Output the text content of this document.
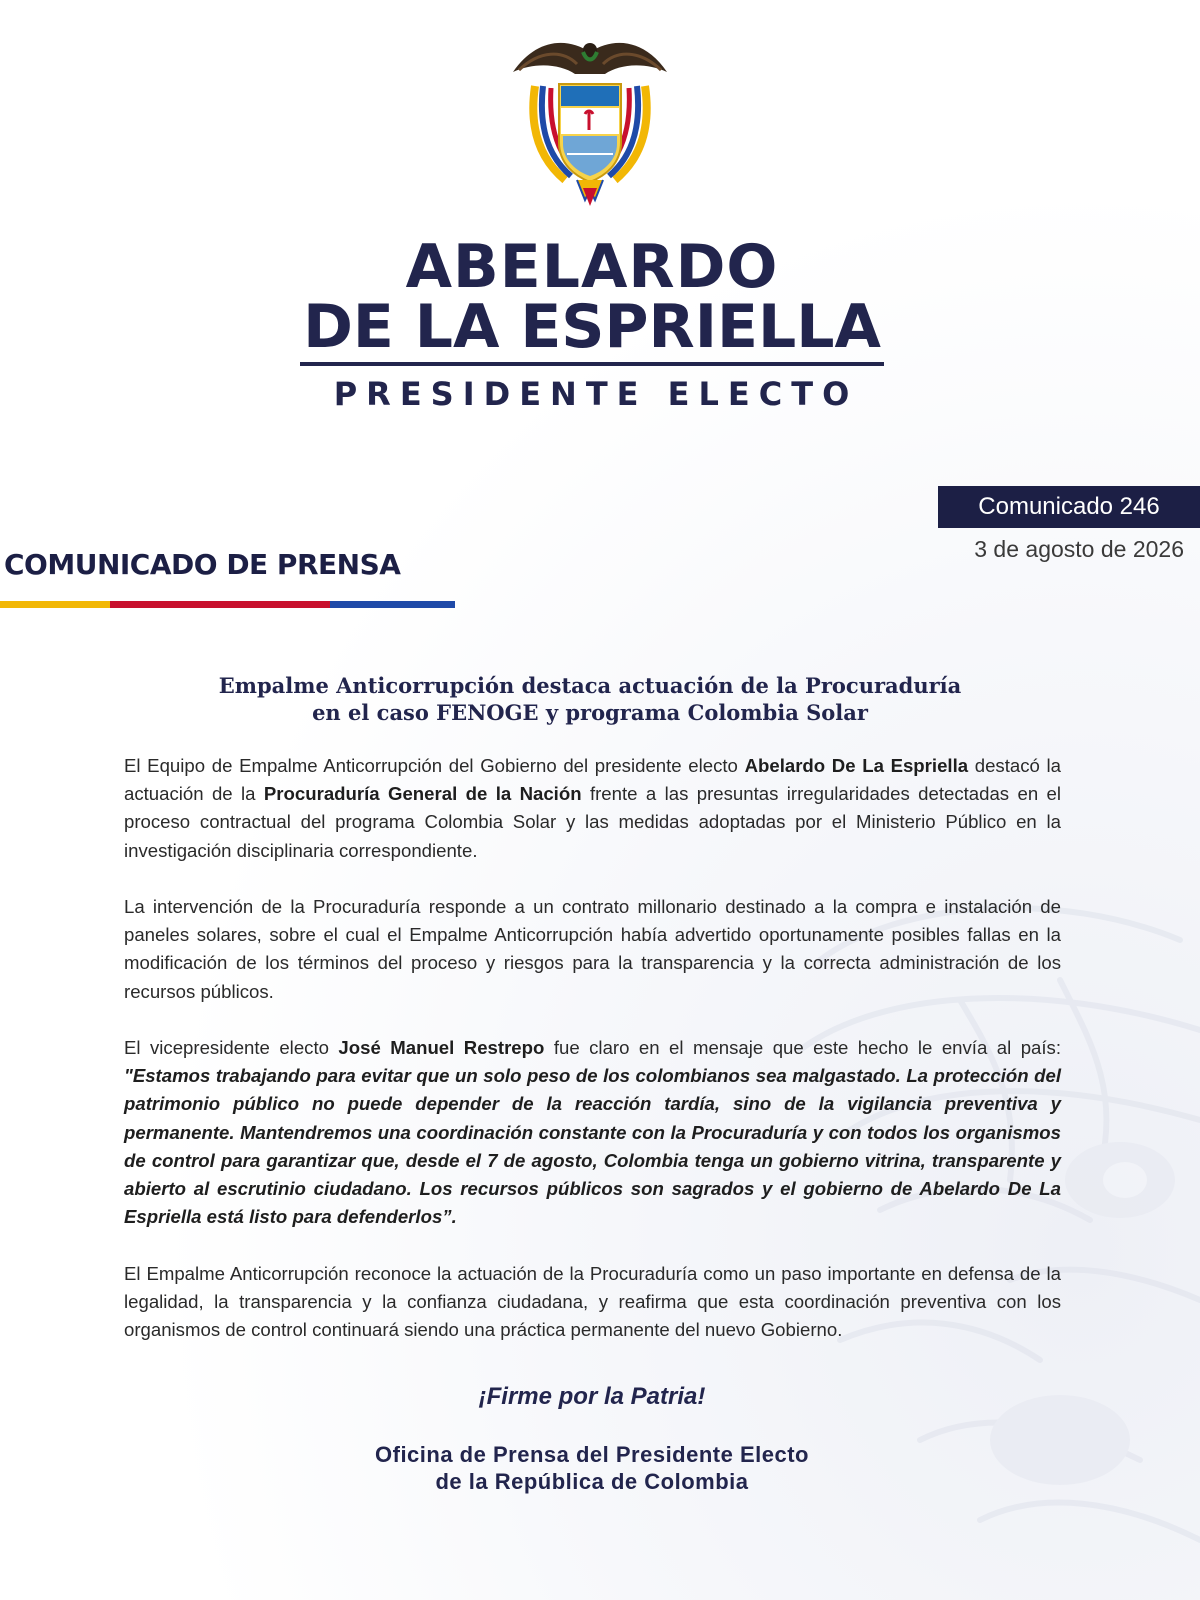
ABELARDO
DE LA ESPRIELLA
PRESIDENTE ELECTO
Comunicado 246
3 de agosto de 2026
COMUNICADO DE PRENSA
Empalme Anticorrupción destaca actuación de la Procuraduría
en el caso FENOGE y programa Colombia Solar

El Equipo de Empalme Anticorrupción del Gobierno del presidente electo Abelardo De La Espriella destacó la actuación de la Procuraduría General de la Nación frente a las presuntas irregularidades detectadas en el proceso contractual del programa Colombia Solar y las medidas adoptadas por el Ministerio Público en la investigación disciplinaria correspondiente.

La intervención de la Procuraduría responde a un contrato millonario destinado a la compra e instalación de paneles solares, sobre el cual el Empalme Anticorrupción había advertido oportunamente posibles fallas en la modificación de los términos del proceso y riesgos para la transparencia y la correcta administración de los recursos públicos.

El vicepresidente electo José Manuel Restrepo fue claro en el mensaje que este hecho le envía al país: "Estamos trabajando para evitar que un solo peso de los colombianos sea malgastado. La protección del patrimonio público no puede depender de la reacción tardía, sino de la vigilancia preventiva y permanente. Mantendremos una coordinación constante con la Procuraduría y con todos los organismos de control para garantizar que, desde el 7 de agosto, Colombia tenga un gobierno vitrina, transparente y abierto al escrutinio ciudadano. Los recursos públicos son sagrados y el gobierno de Abelardo De La Espriella está listo para defenderlos”.

El Empalme Anticorrupción reconoce la actuación de la Procuraduría como un paso importante en defensa de la legalidad, la transparencia y la confianza ciudadana, y reafirma que esta coordinación preventiva con los organismos de control continuará siendo una práctica permanente del nuevo Gobierno.

¡Firme por la Patria!
Oficina de Prensa del Presidente Electo
de la República de Colombia
